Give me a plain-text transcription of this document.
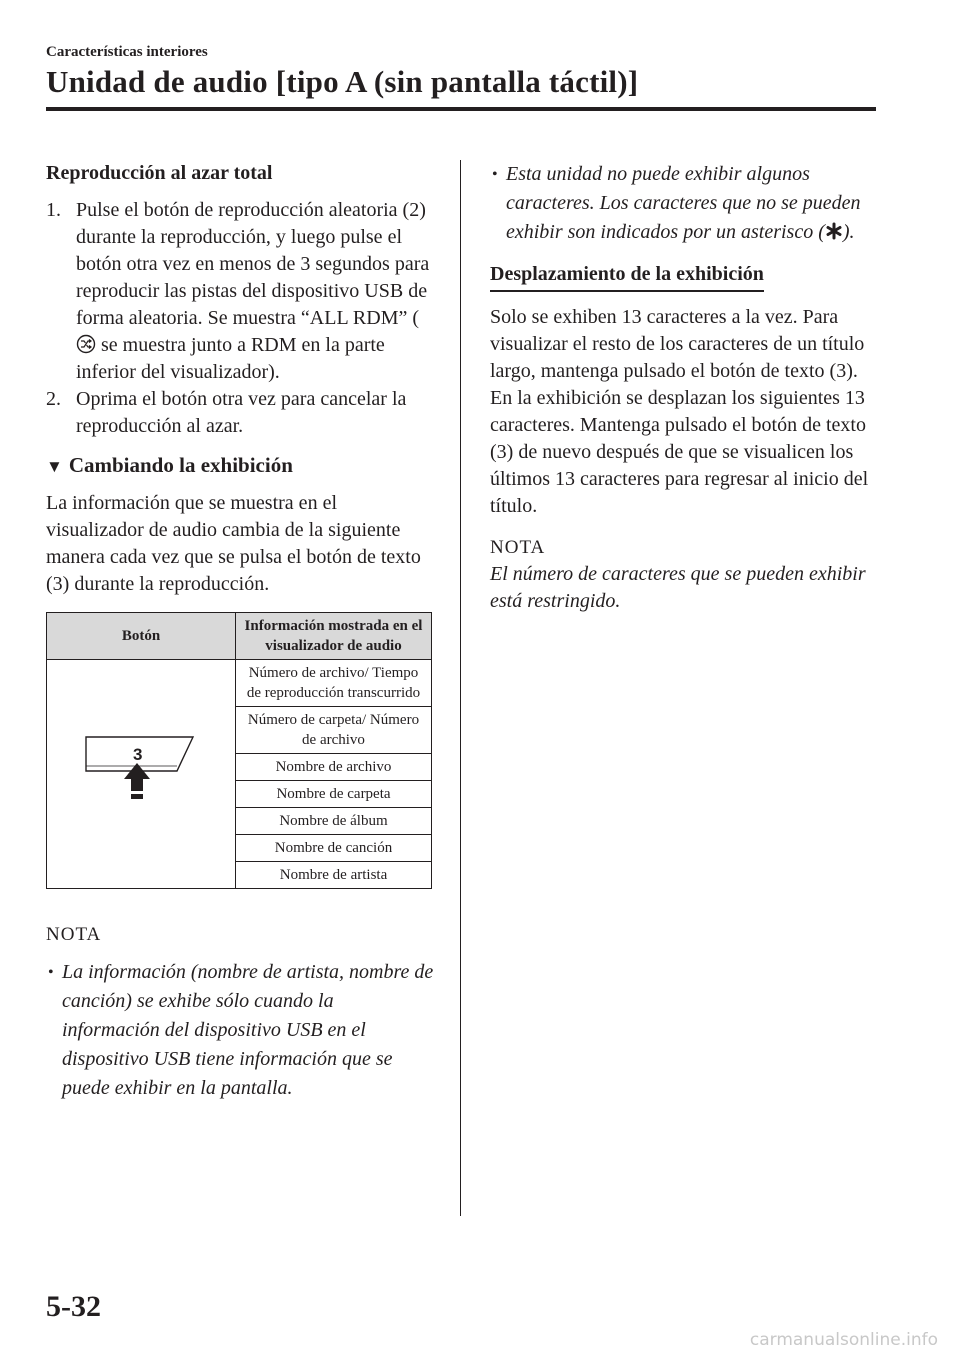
Características interiores
Unidad de audio [tipo A (sin pantalla táctil)]
Reproducción al azar total
1. Pulse el botón de reproducción aleatoria (2) durante la reproducción, y luego pulse el botón otra vez en menos de 3 segundos para reproducir las pistas del dispositivo USB de forma aleatoria. Se muestra “ALL RDM” ( se muestra junto a RDM en la parte inferior del visualizador).
2. Oprima el botón otra vez para cancelar la reproducción al azar.
▼ Cambiando la exhibición

La información que se muestra en el visualizador de audio cambia de la siguiente manera cada vez que se pulsa el botón de texto (3) durante la reproducción.

Botón	Información mostrada en el visualizador de audio

3	Número de archivo/ Tiempo de reproducción transcurrido
	Número de carpeta/ Número de archivo
	Nombre de archivo
	Nombre de carpeta
	Nombre de álbum
	Nombre de canción
	Nombre de artista
NOTA
• La información (nombre de artista, nombre de canción) se exhibe sólo cuando la información del dispositivo USB en el dispositivo USB tiene información que se puede exhibir en la pantalla.
• Esta unidad no puede exhibir algunos caracteres. Los caracteres que no se pueden exhibir son indicados por un asterisco ( ).
Desplazamiento de la exhibición

Solo se exhiben 13 caracteres a la vez. Para visualizar el resto de los caracteres de un título largo, mantenga pulsado el botón de texto (3). En la exhibición se desplazan los siguientes 13 caracteres. Mantenga pulsado el botón de texto (3) de nuevo después de que se visualicen los últimos 13 caracteres para regresar al inicio del título.

NOTA
El número de caracteres que se pueden exhibir está restringido.
5-32
carmanualsonline.info
